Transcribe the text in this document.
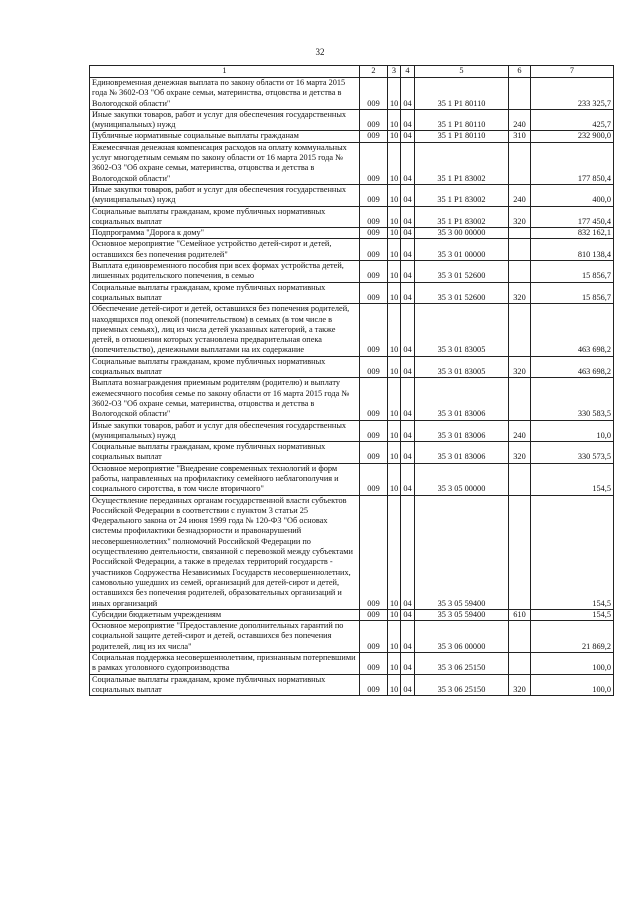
32
1	2	3	4	5	6	7
Единовременная денежная выплата по закону области от 16 марта 2015 года № 3602-ОЗ "Об охране семьи, материнства, отцовства и детства в Вологодской области"	009	10	04	35 1 P1 80110		233 325,7
Иные закупки товаров, работ и услуг для обеспечения государственных (муниципальных) нужд	009	10	04	35 1 P1 80110	240	425,7
Публичные нормативные социальные выплаты гражданам	009	10	04	35 1 P1 80110	310	232 900,0
Ежемесячная денежная компенсация расходов на оплату коммунальных услуг многодетным семьям по закону области от 16 марта 2015 года № 3602-ОЗ "Об охране семьи, материнства, отцовства и детства в Вологодской области"	009	10	04	35 1 P1 83002		177 850,4
Иные закупки товаров, работ и услуг для обеспечения государственных (муниципальных) нужд	009	10	04	35 1 P1 83002	240	400,0
Социальные выплаты гражданам, кроме публичных нормативных социальных выплат	009	10	04	35 1 P1 83002	320	177 450,4
Подпрограмма "Дорога к дому"	009	10	04	35 3 00 00000		832 162,1
Основное мероприятие "Семейное устройство детей-сирот и детей, оставшихся без попечения родителей"	009	10	04	35 3 01 00000		810 138,4
Выплата единовременного пособия при всех формах устройства детей, лишенных родительского попечения, в семью	009	10	04	35 3 01 52600		15 856,7
Социальные выплаты гражданам, кроме публичных нормативных социальных выплат	009	10	04	35 3 01 52600	320	15 856,7
Обеспечение детей-сирот и детей, оставшихся без попечения родителей, находящихся под опекой (попечительством) в семьях (в том числе в приемных семьях), лиц из числа детей указанных категорий, а также детей, в отношении которых установлена предварительная опека (попечительство), денежными выплатами на их содержание	009	10	04	35 3 01 83005		463 698,2
Социальные выплаты гражданам, кроме публичных нормативных социальных выплат	009	10	04	35 3 01 83005	320	463 698,2
Выплата вознаграждения приемным родителям (родителю) и выплату ежемесячного пособия семье по закону области от 16 марта 2015 года № 3602-ОЗ "Об охране семьи, материнства, отцовства и детства в Вологодской области"	009	10	04	35 3 01 83006		330 583,5
Иные закупки товаров, работ и услуг для обеспечения государственных (муниципальных) нужд	009	10	04	35 3 01 83006	240	10,0
Социальные выплаты гражданам, кроме публичных нормативных социальных выплат	009	10	04	35 3 01 83006	320	330 573,5
Основное мероприятие "Внедрение современных технологий и форм работы, направленных на профилактику семейного неблагополучия и социального сиротства, в том числе вторичного"	009	10	04	35 3 05 00000		154,5
Осуществление переданных органам государственной власти субъектов Российской Федерации в соответствии с пунктом 3 статьи 25 Федерального закона от 24 июня 1999 года № 120-ФЗ "Об основах системы профилактики безнадзорности и правонарушений несовершеннолетних" полномочий Российской Федерации по осуществлению деятельности, связанной с перевозкой между субъектами Российской Федерации, а также в пределах территорий государств - участников Содружества Независимых Государств несовершеннолетних, самовольно ушедших из семей, организаций для детей-сирот и детей, оставшихся без попечения родителей, образовательных организаций и иных организаций	009	10	04	35 3 05 59400		154,5
Субсидии бюджетным учреждениям	009	10	04	35 3 05 59400	610	154,5
Основное мероприятие "Предоставление дополнительных гарантий по социальной защите детей-сирот и детей, оставшихся без попечения родителей, лиц из их числа"	009	10	04	35 3 06 00000		21 869,2
Социальная поддержка несовершеннолетним, признанным потерпевшими в рамках уголовного судопроизводства	009	10	04	35 3 06 25150		100,0
Социальные выплаты гражданам, кроме публичных нормативных социальных выплат	009	10	04	35 3 06 25150	320	100,0
